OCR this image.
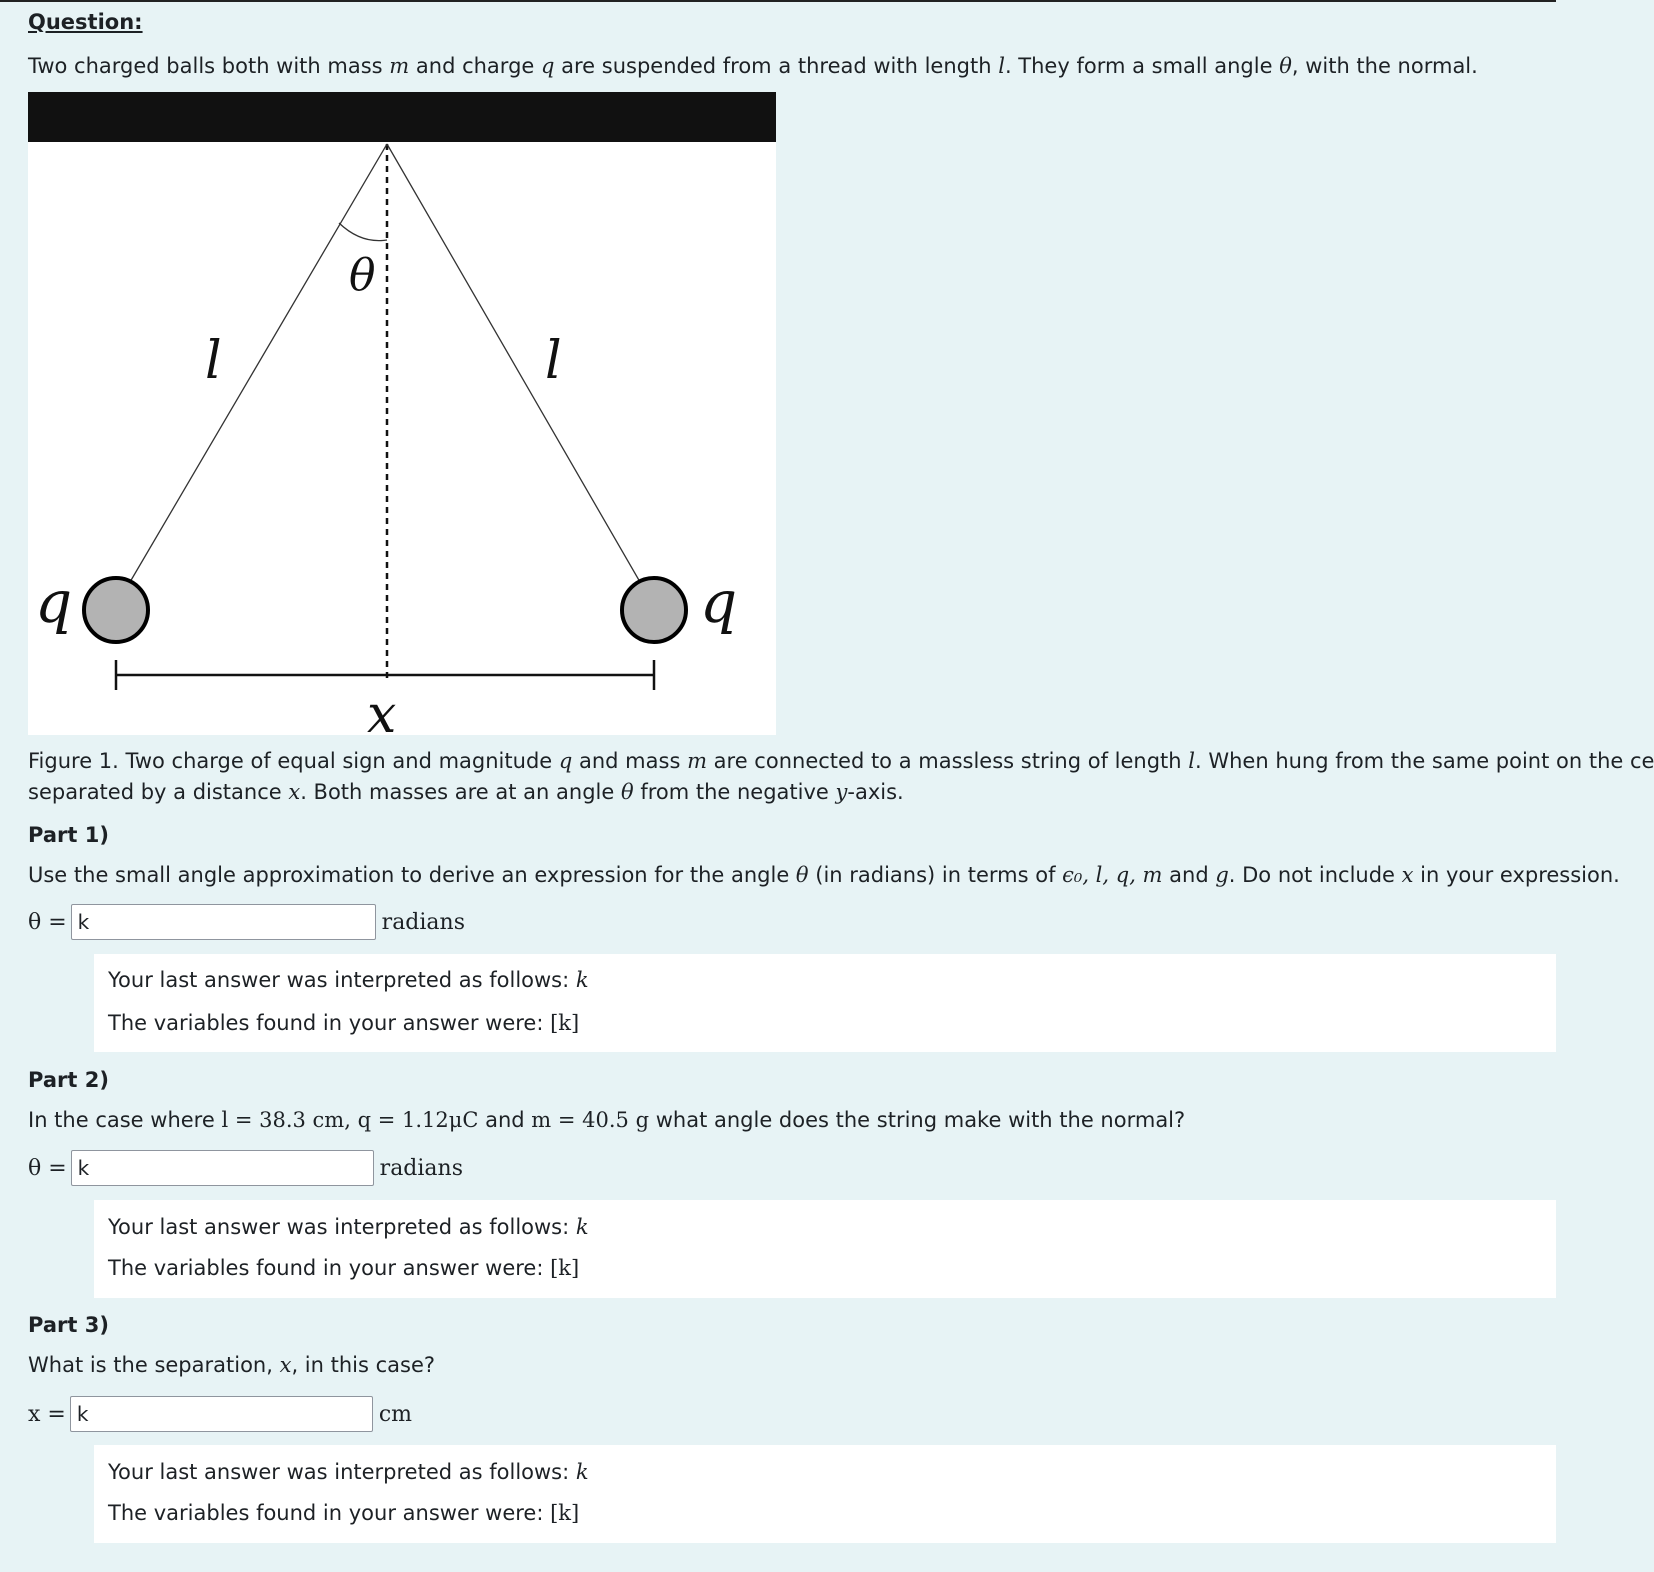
Question:
Two charged balls both with mass m and charge q are suspended from a thread with length l. They form a small angle θ, with the normal.
θ
l	l
q	q
x
Figure 1. Two charge of equal sign and magnitude q and mass m are connected to a massless string of length l. When hung from the same point on the ce
separated by a distance x. Both masses are at an angle θ from the negative y-axis.
Part 1)
Use the small angle approximation to derive an expression for the angle θ (in radians) in terms of ϵ₀, l, q, m and g. Do not include x in your expression.
θ =
k	radians
Your last answer was interpreted as follows: k
The variables found in your answer were: [k]
Part 2)
In the case where l = 38.3 cm, q = 1.12μC and m = 40.5 g what angle does the string make with the normal?
θ =
k	radians
Your last answer was interpreted as follows: k
The variables found in your answer were: [k]
Part 3)
What is the separation, x, in this case?
x =
k	cm
Your last answer was interpreted as follows: k
The variables found in your answer were: [k]
